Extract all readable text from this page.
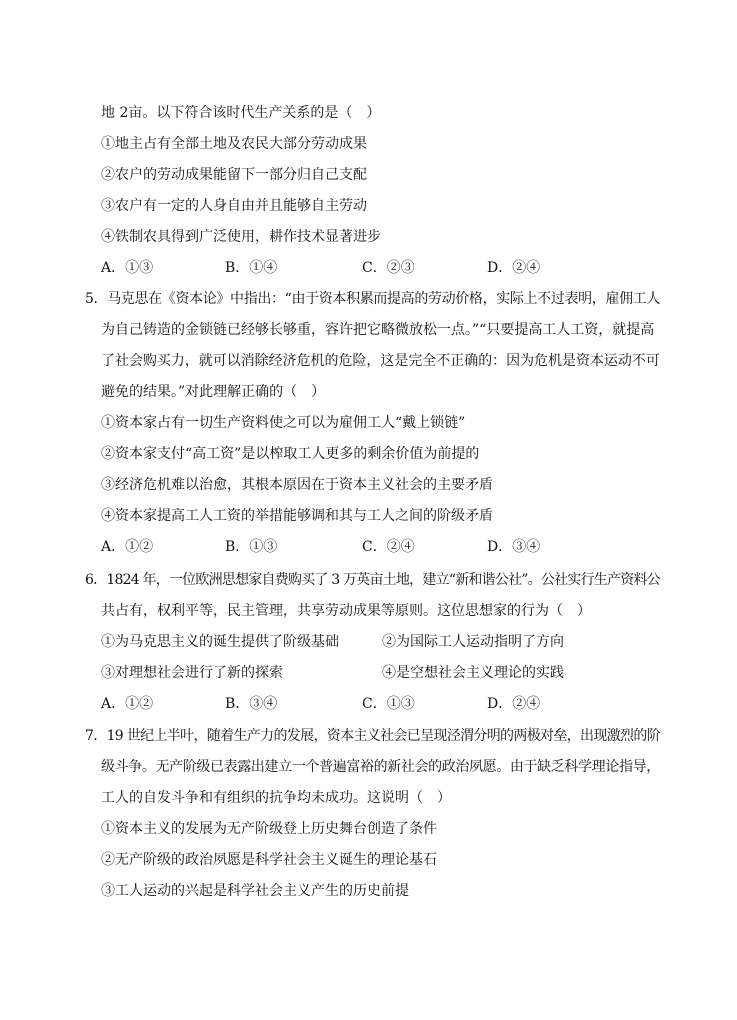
地 2亩。以下符合该时代生产关系的是（　）
①地主占有全部土地及农民大部分劳动成果
②农户的劳动成果能留下一部分归自己支配
③农户有一定的人身自由并且能够自主劳动
④铁制农具得到广泛使用，耕作技术显著进步
A．①③	B．①④	C．②③	D．②④
5．马克思在《资本论》中指出：“由于资本积累而提高的劳动价格，实际上不过表明，雇佣工人
为自己铸造的金锁链已经够长够重，容许把它略微放松一点。”“只要提高工人工资，就提高
了社会购买力，就可以消除经济危机的危险，这是完全不正确的：因为危机是资本运动不可
避免的结果。”对此理解正确的（　）
①资本家占有一切生产资料使之可以为雇佣工人“戴上锁链”
②资本家支付“高工资”是以榨取工人更多的剩余价值为前提的
③经济危机难以治愈，其根本原因在于资本主义社会的主要矛盾
④资本家提高工人工资的举措能够调和其与工人之间的阶级矛盾
A．①②	B．①③	C．②④	D．③④
6．1824 年，一位欧洲思想家自费购买了 3 万英亩土地，建立“新和谐公社”。公社实行生产资料公
共占有，权利平等，民主管理，共享劳动成果等原则。这位思想家的行为（　）
①为马克思主义的诞生提供了阶级基础	②为国际工人运动指明了方向
③对理想社会进行了新的探索	④是空想社会主义理论的实践
A．①②	B．③④	C．①③	D．②④
7．19 世纪上半叶，随着生产力的发展，资本主义社会已呈现泾渭分明的两极对垒，出现激烈的阶
级斗争。无产阶级已表露出建立一个普遍富裕的新社会的政治夙愿。由于缺乏科学理论指导，
工人的自发斗争和有组织的抗争均未成功。这说明（　）
①资本主义的发展为无产阶级登上历史舞台创造了条件
②无产阶级的政治夙愿是科学社会主义诞生的理论基石
③工人运动的兴起是科学社会主义产生的历史前提
